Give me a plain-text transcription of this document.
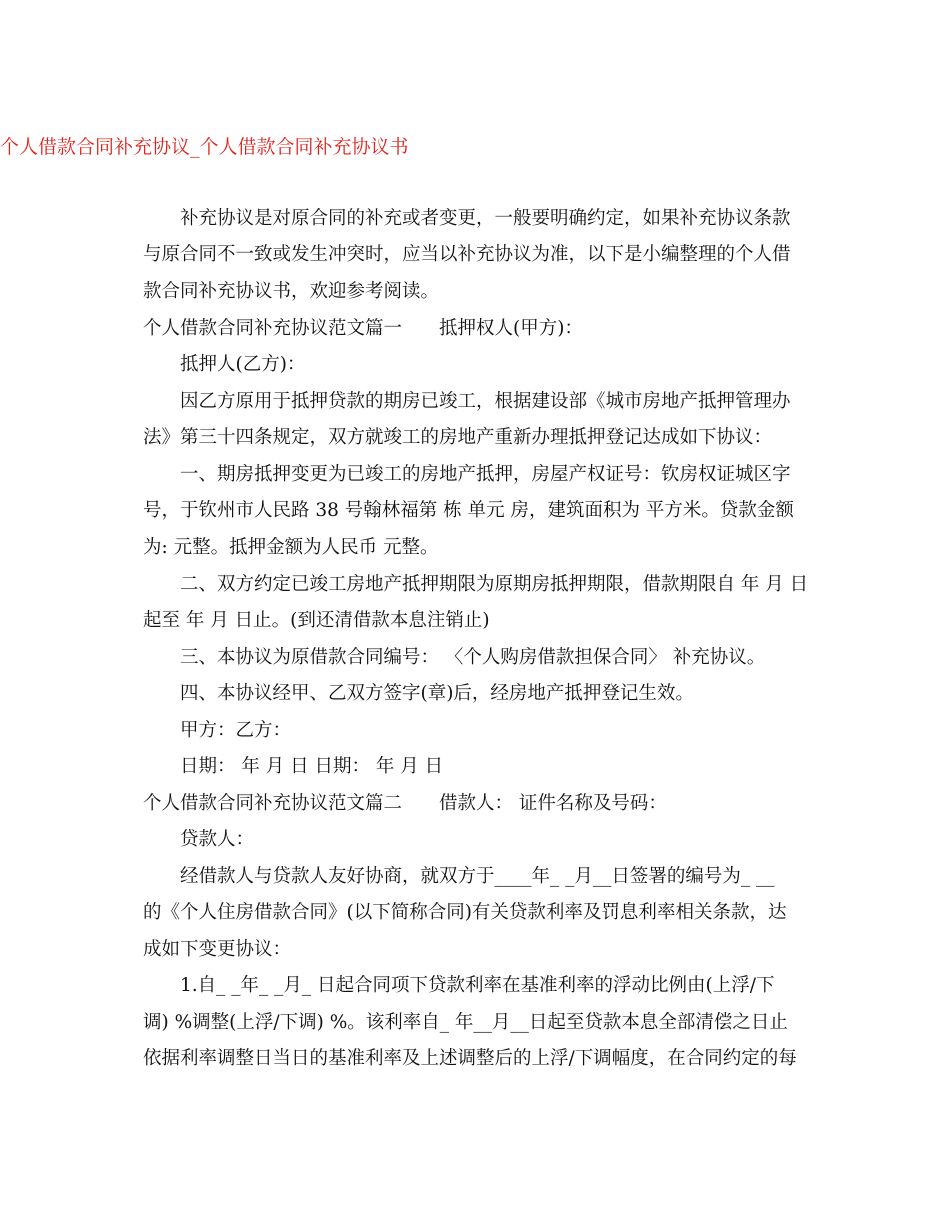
个人借款合同补充协议_个人借款合同补充协议书
补充协议是对原合同的补充或者变更，一般要明确约定，如果补充协议条款
与原合同不一致或发生冲突时，应当以补充协议为准，以下是小编整理的个人借
款合同补充协议书，欢迎参考阅读。
个人借款合同补充协议范文篇一　　抵押权人(甲方)：
抵押人(乙方)：
因乙方原用于抵押贷款的期房已竣工，根据建设部《城市房地产抵押管理办
法》第三十四条规定，双方就竣工的房地产重新办理抵押登记达成如下协议：
一、期房抵押变更为已竣工的房地产抵押，房屋产权证号：钦房权证城区字
号，于钦州市人民路 38 号翰林福第 栋 单元 房，建筑面积为 平方米。贷款金额
为: 元整。抵押金额为人民币 元整。
二、双方约定已竣工房地产抵押期限为原期房抵押期限，借款期限自 年 月 日
起至 年 月 日止。(到还清借款本息注销止)
三、本协议为原借款合同编号： 〈个人购房借款担保合同〉 补充协议。
四、本协议经甲、乙双方签字(章)后，经房地产抵押登记生效。
甲方：乙方：
日期： 年 月 日 日期： 年 月 日
个人借款合同补充协议范文篇二　　借款人： 证件名称及号码：
贷款人：
经借款人与贷款人友好协商，就双方于____年_ _月__日签署的编号为_ __
的《个人住房借款合同》(以下简称合同)有关贷款利率及罚息利率相关条款，达
成如下变更协议：
1.自_ _年_ _月_ 日起合同项下贷款利率在基准利率的浮动比例由(上浮/下
调) %调整(上浮/下调) %。该利率自_ 年__月__日起至贷款本息全部清偿之日止
依据利率调整日当日的基准利率及上述调整后的上浮/下调幅度，在合同约定的每
